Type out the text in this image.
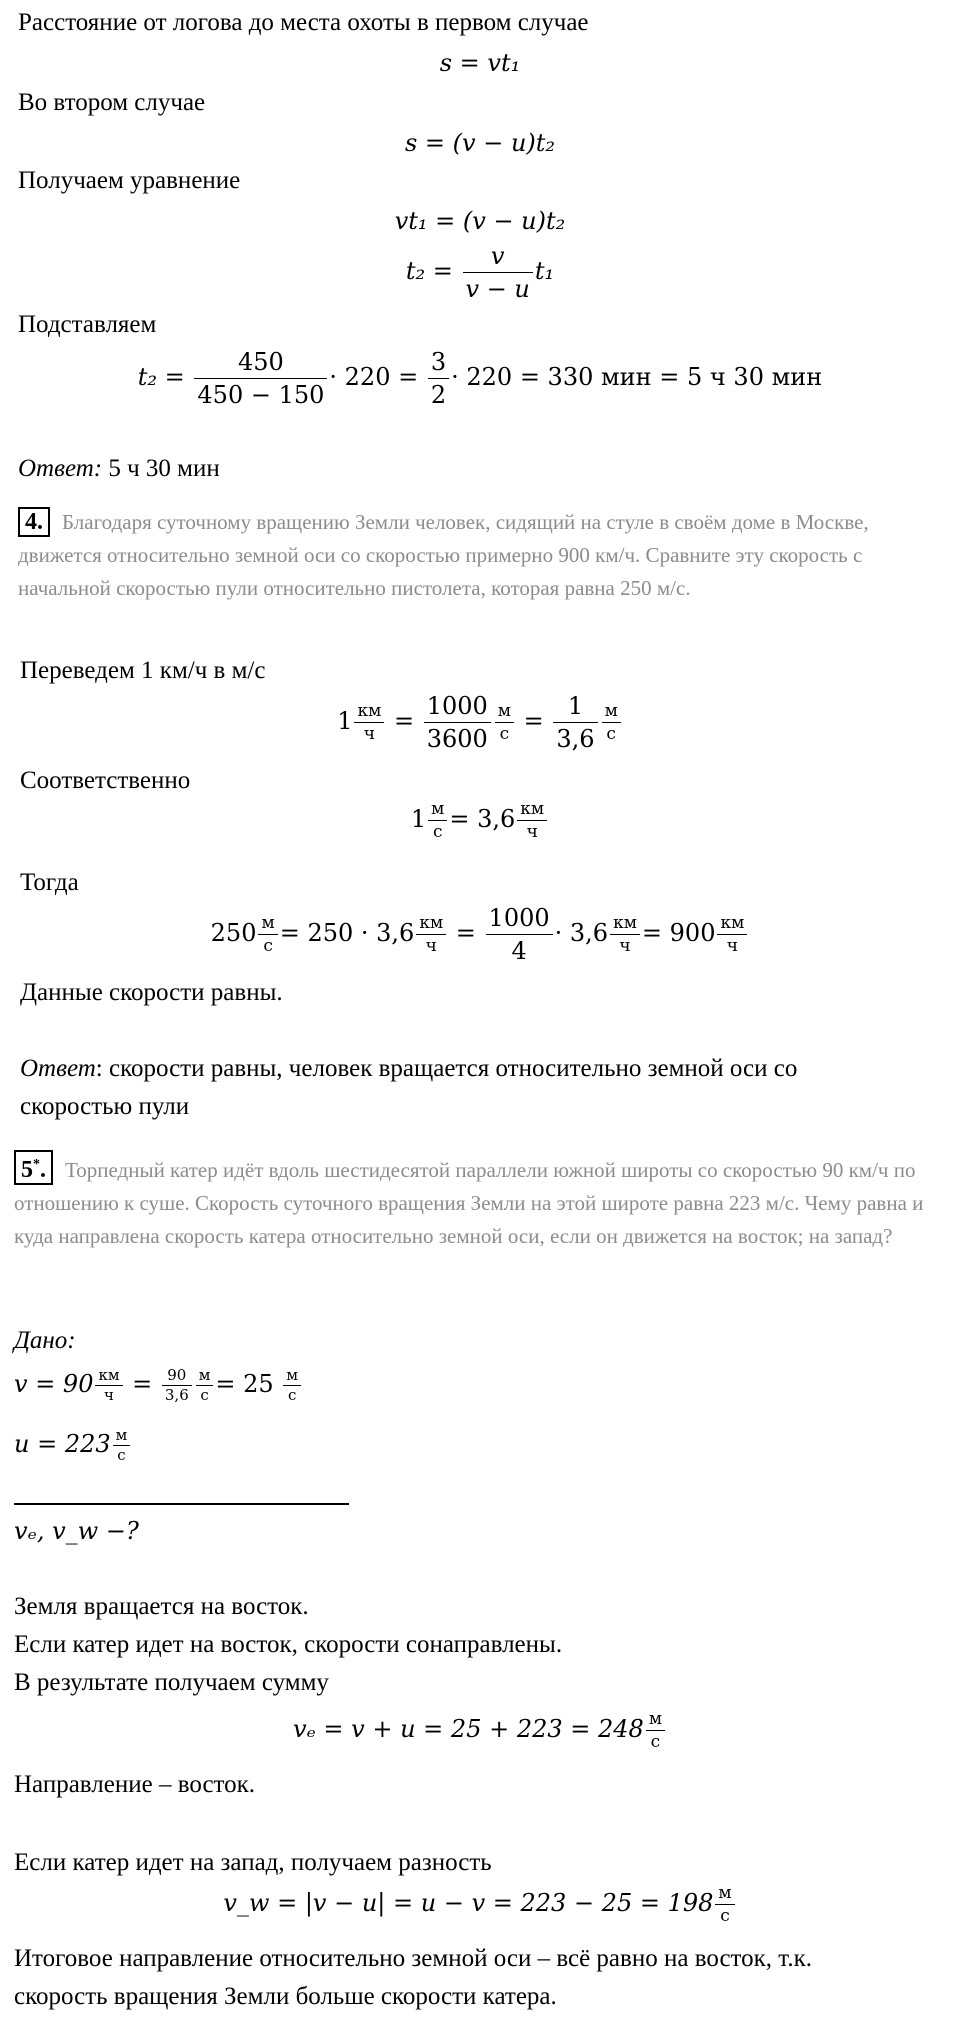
Расстояние от логова до места охоты в первом случае
s = vt₁
Во втором случае
s = (v − u)t₂
Получаем уравнение
vt₁ = (v − u)t₂
$t_2 = \frac{v}{v - u} t_1$
Подставляем
$t_2 = \frac{450}{450 - 150} \cdot 220 = \frac{3}{2} \cdot 220 = 330$ мин = 5 ч 30 мин
Ответ: 5 ч 30 мин
4. Благодаря суточному вращению Земли человек, сидящий на стуле в своём доме в Москве, движется относительно земной оси со скоростью примерно 900 км/ч. Сравните эту скорость с начальной скоростью пули относительно пистолета, которая равна 250 м/с.
Переведем 1 км/ч в м/с
$1 \frac{км}{ч} = \frac{1000}{3600} \frac{м}{с} = \frac{1}{3,6} \frac{м}{с}$
Соответственно
$1 \frac{м}{с} = 3,6 \frac{км}{ч}$
Тогда
$250 \frac{м}{с} = 250 \cdot 3,6 \frac{км}{ч} = \frac{1000}{4} \cdot 3,6 \frac{км}{ч} = 900 \frac{км}{ч}$
Данные скорости равны.
Ответ: скорости равны, человек вращается относительно земной оси со
скоростью пули
5*. Торпедный катер идёт вдоль шестидесятой параллели южной широты со скоростью 90 км/ч по отношению к суше. Скорость суточного вращения Земли на этой широте равна 223 м/с. Чему равна и куда направлена скорость катера относительно земной оси, если он движется на восток; на запад?
Дано:
$v = 90 \frac{км}{ч} = \frac{90}{3,6} \frac{м}{с} = 25 \frac{м}{с}$
$u = 223 \frac{м}{с}$
vₑ, v_w −?
Земля вращается на восток.
Если катер идет на восток, скорости сонаправлены.
В результате получаем сумму
$v_e = v + u = 25 + 223 = 248 \frac{м}{с}$
Направление – восток.
Если катер идет на запад, получаем разность
v_w = $|v - u| = u - v = 223 - 25 = 198 \frac{м}{с}$
Итоговое направление относительно земной оси – всё равно на восток, т.к.
скорость вращения Земли больше скорости катера.
